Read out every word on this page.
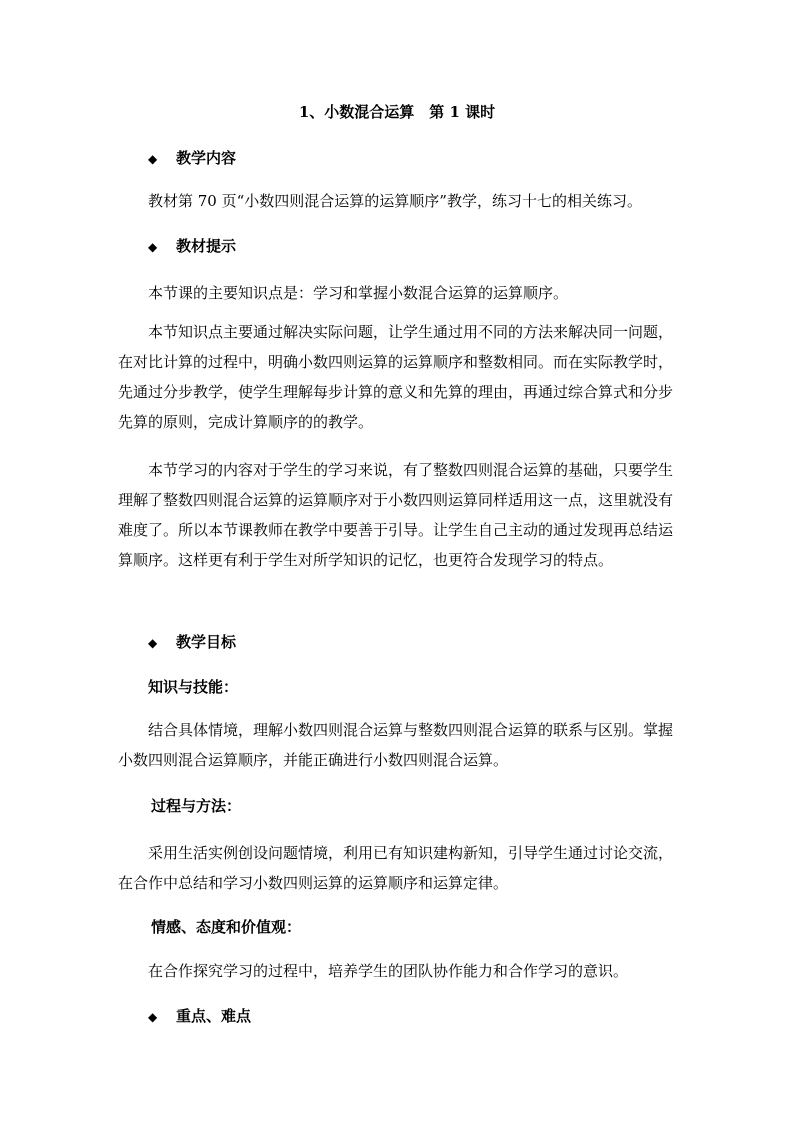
1、小数混合运算　第 1 课时
◆ 教学内容
教材第 70 页“小数四则混合运算的运算顺序”教学，练习十七的相关练习。
◆ 教材提示
本节课的主要知识点是：学习和掌握小数混合运算的运算顺序。

本节知识点主要通过解决实际问题，让学生通过用不同的方法来解决同一问题，在对比计算的过程中，明确小数四则运算的运算顺序和整数相同。而在实际教学时，先通过分步教学，使学生理解每步计算的意义和先算的理由，再通过综合算式和分步先算的原则，完成计算顺序的的教学。

本节学习的内容对于学生的学习来说，有了整数四则混合运算的基础，只要学生理解了整数四则混合运算的运算顺序对于小数四则运算同样适用这一点，这里就没有难度了。所以本节课教师在教学中要善于引导。让学生自己主动的通过发现再总结运算顺序。这样更有利于学生对所学知识的记忆，也更符合发现学习的特点。

◆ 教学目标
知识与技能：

结合具体情境，理解小数四则混合运算与整数四则混合运算的联系与区别。掌握小数四则混合运算顺序，并能正确进行小数四则混合运算。

过程与方法：

采用生活实例创设问题情境，利用已有知识建构新知，引导学生通过讨论交流，在合作中总结和学习小数四则运算的运算顺序和运算定律。

情感、态度和价值观：
在合作探究学习的过程中，培养学生的团队协作能力和合作学习的意识。
◆ 重点、难点
